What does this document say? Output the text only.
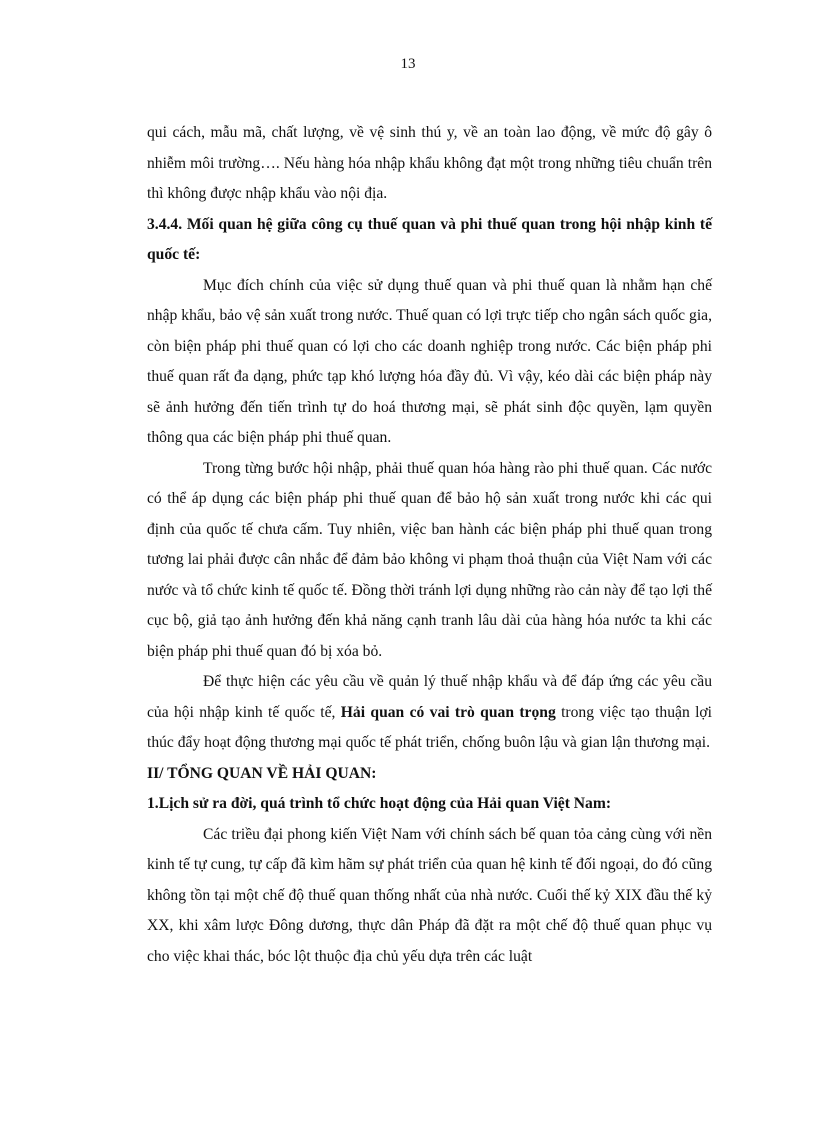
13

qui cách, mẫu mã, chất lượng, về vệ sinh thú y, về an toàn lao động, về mức độ gây ô nhiễm môi trường…. Nếu hàng hóa nhập khẩu không đạt một trong những tiêu chuẩn trên thì không được nhập khẩu vào nội địa.

3.4.4. Mối quan hệ giữa công cụ thuế quan và phi thuế quan trong hội nhập kinh tế quốc tế:

Mục đích chính của việc sử dụng thuế quan và phi thuế quan là nhằm hạn chế nhập khẩu, bảo vệ sản xuất trong nước. Thuế quan có lợi trực tiếp cho ngân sách quốc gia, còn biện pháp phi thuế quan có lợi cho các doanh nghiệp trong nước. Các biện pháp phi thuế quan rất đa dạng, phức tạp khó lượng hóa đầy đủ. Vì vậy, kéo dài các biện pháp này sẽ ảnh hưởng đến tiến trình tự do hoá thương mại, sẽ phát sinh độc quyền, lạm quyền thông qua các biện pháp phi thuế quan.

Trong từng bước hội nhập, phải thuế quan hóa hàng rào phi thuế quan. Các nước có thể áp dụng các biện pháp phi thuế quan để bảo hộ sản xuất trong nước khi các qui định của quốc tế chưa cấm. Tuy nhiên, việc ban hành các biện pháp phi thuế quan trong tương lai phải được cân nhắc để đảm bảo không vi phạm thoả thuận của Việt Nam với các nước và tổ chức kinh tế quốc tế. Đồng thời tránh lợi dụng những rào cản này để tạo lợi thế cục bộ, giả tạo ảnh hưởng đến khả năng cạnh tranh lâu dài của hàng hóa nước ta khi các biện pháp phi thuế quan đó bị xóa bỏ.

Để thực hiện các yêu cầu về quản lý thuế nhập khẩu và để đáp ứng các yêu cầu của hội nhập kinh tế quốc tế, Hải quan có vai trò quan trọng trong việc tạo thuận lợi thúc đẩy hoạt động thương mại quốc tế phát triển, chống buôn lậu và gian lận thương mại.

II/ TỔNG QUAN VỀ HẢI QUAN:

1.Lịch sử ra đời, quá trình tổ chức hoạt động của Hải quan Việt Nam:

Các triều đại phong kiến Việt Nam với chính sách bế quan tỏa cảng cùng với nền kinh tế tự cung, tự cấp đã kìm hãm sự phát triển của quan hệ kinh tế đối ngoại, do đó cũng không tồn tại một chế độ thuế quan thống nhất của nhà nước. Cuối thế kỷ XIX đầu thế kỷ XX, khi xâm lược Đông dương, thực dân Pháp đã đặt ra một chế độ thuế quan phục vụ cho việc khai thác, bóc lột thuộc địa chủ yếu dựa trên các luật
